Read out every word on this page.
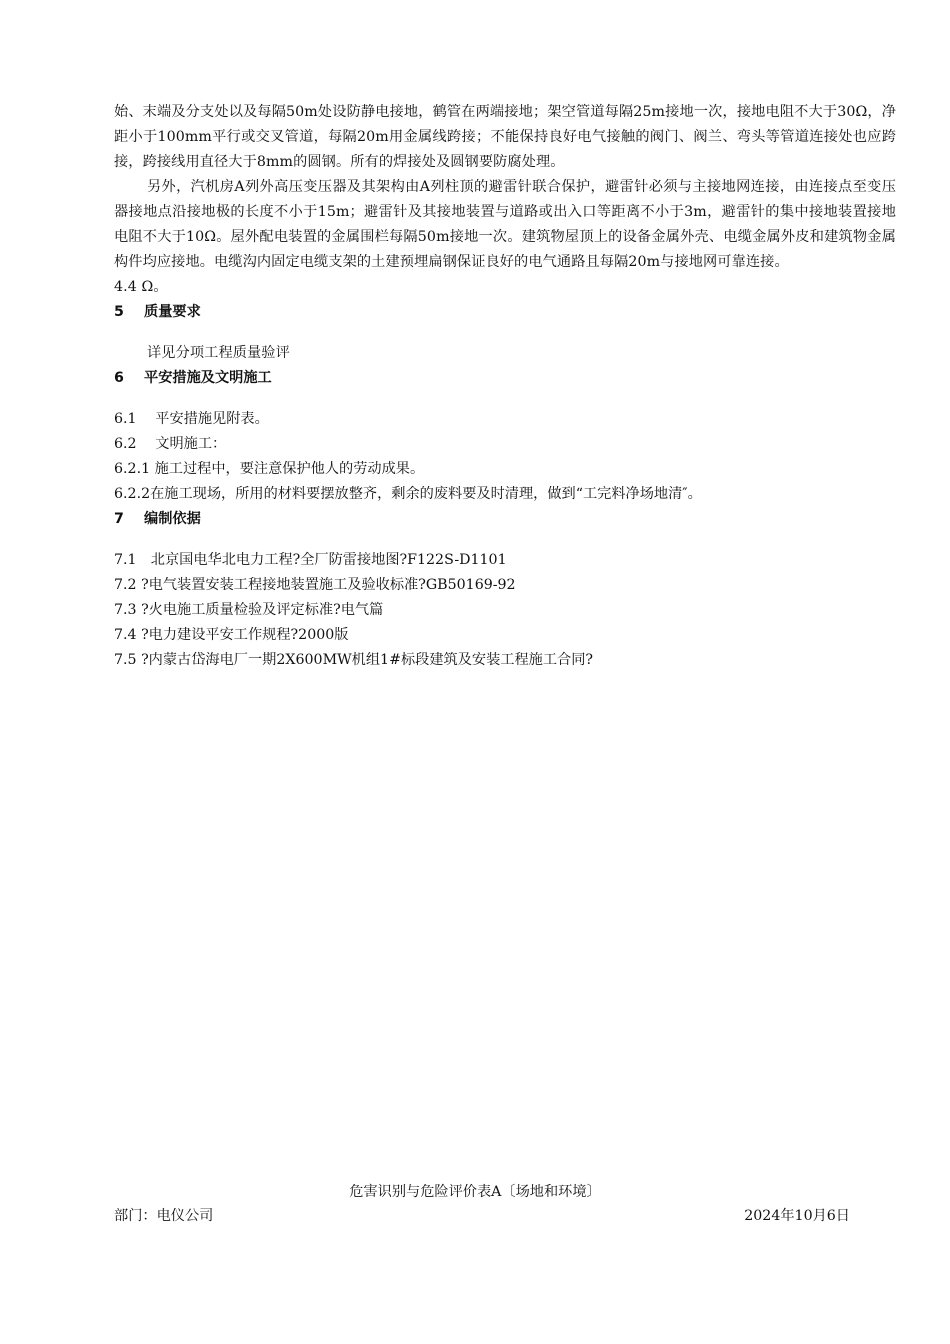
始、末端及分支处以及每隔50m处设防静电接地，鹤管在两端接地；架空管道每隔25m接地一次，接地电阻不大于30Ω，净距小于100mm平行或交叉管道，每隔20m用金属线跨接；不能保持良好电气接触的阀门、阀兰、弯头等管道连接处也应跨接，跨接线用直径大于8mm的圆钢。所有的焊接处及圆钢要防腐处理。

另外，汽机房A列外高压变压器及其架构由A列柱顶的避雷针联合保护，避雷针必须与主接地网连接，由连接点至变压器接地点沿接地极的长度不小于15m；避雷针及其接地装置与道路或出入口等距离不小于3m，避雷针的集中接地装置接地电阻不大于10Ω。屋外配电装置的金属围栏每隔50m接地一次。建筑物屋顶上的设备金属外壳、电缆金属外皮和建筑物金属构件均应接地。电缆沟内固定电缆支架的土建预埋扁钢保证良好的电气通路且每隔20m与接地网可靠连接。

4.4 Ω。

5 质量要求

详见分项工程质量验评

6 平安措施及文明施工

6.1　 平安措施见附表。

6.2　 文明施工：

6.2.1 施工过程中，要注意保护他人的劳动成果。

6.2.2在施工现场，所用的材料要摆放整齐，剩余的废料要及时清理，做到“工完料净场地清″。

7 编制依据

7.1　北京国电华北电力工程?全厂防雷接地图?F122S-D1101

7.2 ?电气装置安装工程接地装置施工及验收标准?GB50169-92

7.3 ?火电施工质量检验及评定标准?电气篇

7.4 ?电力建设平安工作规程?2000版

7.5 ?内蒙古岱海电厂一期2X600MW机组1#标段建筑及安装工程施工合同?

危害识别与危险评价表A〔场地和环境〕
部门：电仪公司	2024年10月6日
